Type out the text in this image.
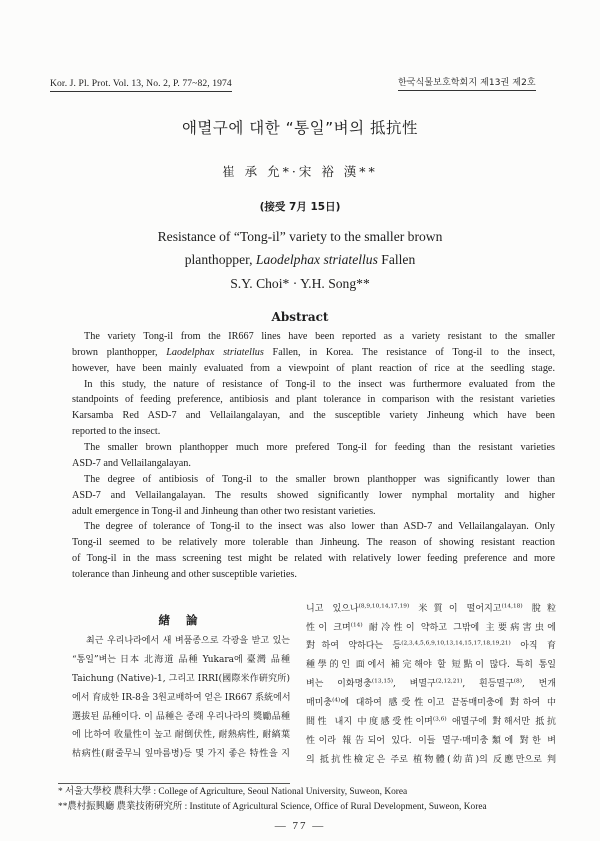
Kor. J. Pl. Prot. Vol. 13, No. 2, P. 77~82, 1974	한국식물보호학회지 제13권 제2호
애멸구에 대한 “통일”벼의 抵抗性
崔 承 允*·宋 裕 漢**
(接受 7月 15日)
Resistance of “Tong-il” variety to the smaller brown
planthopper, Laodelphax striatellus Fallen
S.Y. Choi* · Y.H. Song**
Abstract
The variety Tong-il from the IR667 lines have been reported as a variety resistant to the smaller
brown planthopper, Laodelphax striatellus Fallen, in Korea. The resistance of Tong-il to the insect,
however, have been mainly evaluated from a viewpoint of plant reaction of rice at the seedling stage.
In this study, the nature of resistance of Tong-il to the insect was furthermore evaluated from the
standpoints of feeding preference, antibiosis and plant tolerance in comparison with the resistant varieties
Karsamba Red ASD-7 and Vellailangalayan, and the susceptible variety Jinheung which have been
reported to the insect.
The smaller brown planthopper much more prefered Tong-il for feeding than the resistant varieties
ASD-7 and Vellailangalayan.
The degree of antibiosis of Tong-il to the smaller brown planthopper was significantly lower than
ASD-7 and Vellailangalayan. The results showed significantly lower nymphal mortality and higher
adult emergence in Tong-il and Jinheung than other two resistant varieties.
The degree of tolerance of Tong-il to the insect was also lower than ASD-7 and Vellailangalayan. Only
Tong-il seemed to be relatively more tolerable than Jinheung. The reason of showing resistant reaction
of Tong-il in the mass screening test might be related with relatively lower feeding preference and more
tolerance than Jinheung and other susceptible varieties.
緖 論
최근 우리나라에서 새 벼품종으로 각광을 받고 있는
“통일”벼는 日本 北海道 品種 Yukara에 臺灣 品種
Taichung (Native)-1, 그리고 IRRI(國際米作硏究所)
에서 育成한 IR-8을 3원교배하여 얻은 IR667 系統에서
選拔된 品種이다. 이 品種은 종래 우리나라의 獎勵品種
에 比하여 收量性이 높고 耐倒伏性, 耐熱病性, 耐縞葉
枯病性(耐줄무늬 잎마름병)등 몇 가지 좋은 特性을 지
니고 있으나$^{(8,9,10,14,17,19)}$ 米質이 떨어지고$^{(14,18)}$ 脫粒
性이 크며$^{(14)}$ 耐冷性이 약하고 그밖에 主要病害虫에
對하여 약하다는 등$^{(2,3,4,5,6,9,10,13,14,15,17,18,19,21)}$ 아직 育
種學的인 面에서 補完해야 할 短點이 많다. 특히 통일
벼는 이화명충$^{(13,15)}$, 벼멸구$^{(2,12,21)}$, 흰등멸구$^{(8)}$, 번개
매미충$^{(4)}$에 대하여 感受性이고 끝동매미충에 對하여 中
間性 내지 中度感受性이며$^{(3,6)}$ 애멸구에 對해서만 抵抗
性이라 報告되어 있다. 이들 멸구·매미충類에 對한 벼
의 抵抗性檢定은 주로 植物體(幼苗)의 反應만으로 判
* 서울大學校 農科大學 : College of Agriculture, Seoul National University, Suweon, Korea
**農村振興廳 農業技術硏究所 : Institute of Agricultural Science, Office of Rural Development, Suweon, Korea
— 77 —
